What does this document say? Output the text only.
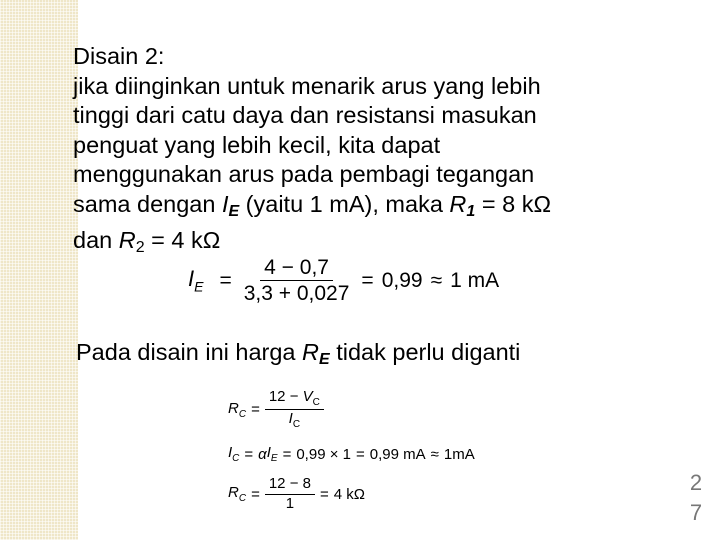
Disain 2:
jika diinginkan untuk menarik arus yang lebih
tinggi dari catu daya dan resistansi masukan
penguat yang lebih kecil, kita dapat
menggunakan arus pada pembagi tegangan
sama dengan $I_E$ (yaitu 1 mA), maka $R_1 = 8$ kΩ
dan R2 = 4 kΩ

$I_E = \frac{4 - 0,7}{3,3 + 0,027} = 0,99 \approx 1$ mA
Pada disain ini harga $R_E$ tidak perlu diganti
$R_C = \frac{12 - V_C}{I_C}$
$I_C = \alpha$ $I_E = 0,99 \times 1 = 0,99$ mA ≈ 1mA
$R_C = \frac{12 - 8}{1} = 4$ kΩ	27
